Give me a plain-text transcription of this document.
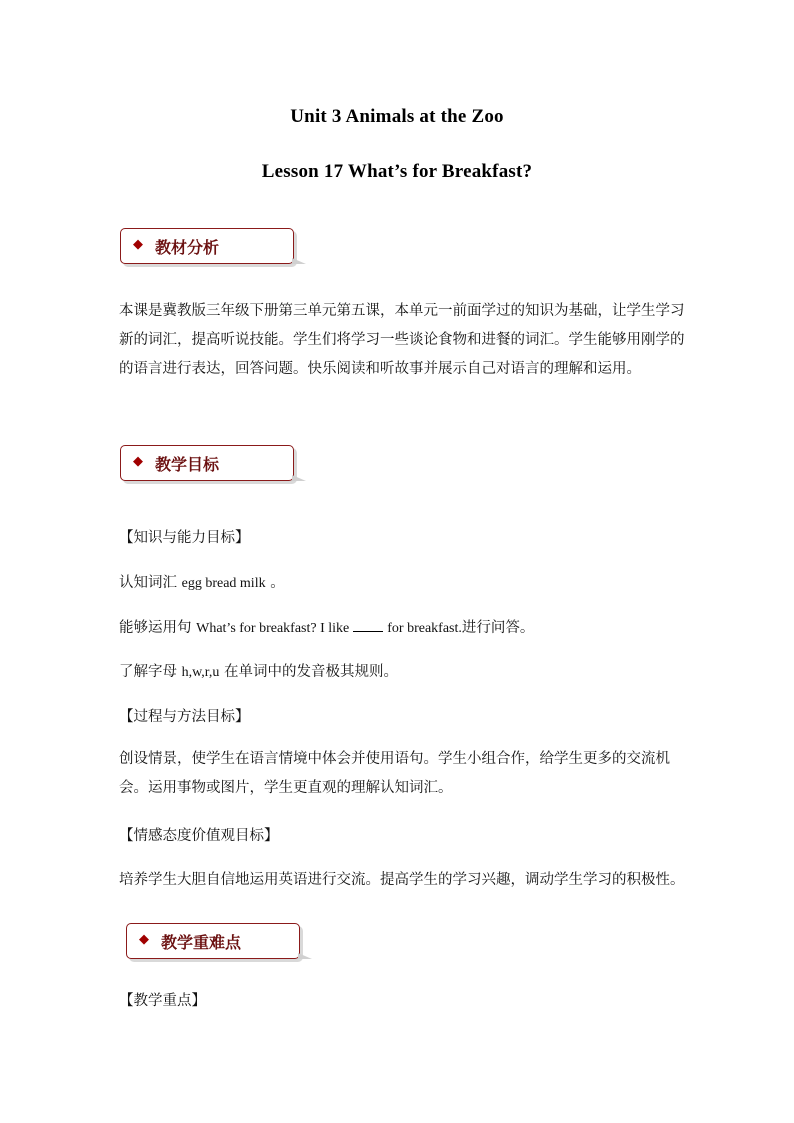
Unit 3 Animals at the Zoo
Lesson 17 What’s for Breakfast?
◆ 教材分析

本课是冀教版三年级下册第三单元第五课，本单元一前面学过的知识为基础，让学生学习新的词汇，提高听说技能。学生们将学习一些谈论食物和进餐的词汇。学生能够用刚学的的语言进行表达，回答问题。快乐阅读和听故事并展示自己对语言的理解和运用。

◆ 教学目标
【知识与能力目标】
认知词汇 egg bread milk 。
能够运用句 What’s for breakfast? I like	for breakfast.进行问答。
了解字母 h,w,r,u 在单词中的发音极其规则。
【过程与方法目标】

创设情景，使学生在语言情境中体会并使用语句。学生小组合作，给学生更多的交流机会。运用事物或图片，学生更直观的理解认知词汇。

【情感态度价值观目标】

培养学生大胆自信地运用英语进行交流。提高学生的学习兴趣，调动学生学习的积极性。

◆ 教学重难点
【教学重点】
